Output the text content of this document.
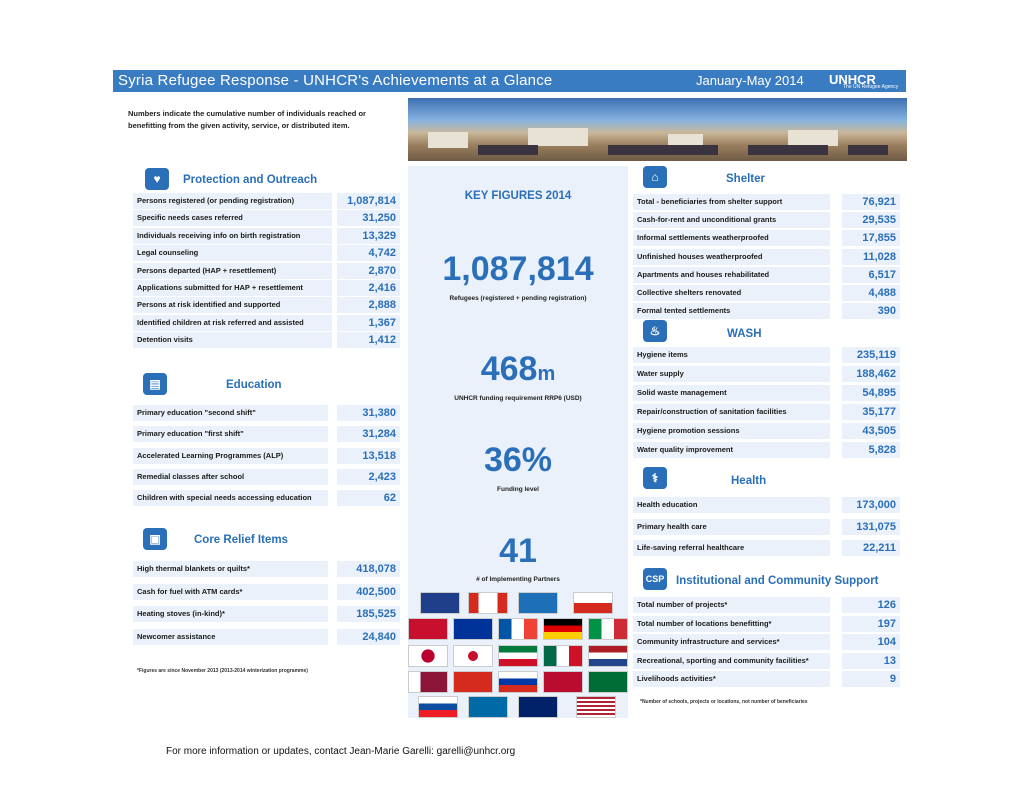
Syria Refugee Response - UNHCR's Achievements at a Glance	January-May 2014 UNHCR
The UN Refugee Agency
Numbers indicate the cumulative number of individuals reached or benefitting from the given activity, service, or distributed item.
KEY FIGURES 2014
1,087,814
Refugees (registered + pending registration)
468m
UNHCR funding requirement RRP6 (USD)
36%
Funding level
41
# of Implementing Partners
♥	Protection and Outreach
▤	Education
▣	Core Relief Items
⌂	Shelter
♨	WASH
⚕	Health
CSP Institutional and Community Support
Persons registered (or pending registration)	1,087,814
Specific needs cases referred	31,250
Individuals receiving info on birth registration	13,329
Legal counseling	4,742
Persons departed (HAP + resettlement)	2,870
Applications submitted for HAP + resettlement	2,416
Persons at risk identified and supported	2,888
Identified children at risk referred and assisted	1,367
Detention visits	1,412
Primary education "second shift"	31,380
Primary education "first shift"	31,284
Accelerated Learning Programmes (ALP)	13,518
Remedial classes after school	2,423
Children with special needs accessing education	62
High thermal blankets or quilts*	418,078
Cash for fuel with ATM cards*	402,500
Heating stoves (in-kind)*	185,525
Newcomer assistance	24,840
Total - beneficiaries from shelter support	76,921
Cash-for-rent and unconditional grants	29,535
Informal settlements weatherproofed	17,855
Unfinished houses weatherproofed	11,028
Apartments and houses rehabilitated	6,517
Collective shelters renovated	4,488
Formal tented settlements	390
Hygiene items	235,119
Water supply	188,462
Solid waste management	54,895
Repair/construction of sanitation facilities	35,177
Hygiene promotion sessions	43,505
Water quality improvement	5,828
Health education	173,000
Primary health care	131,075
Life-saving referral healthcare	22,211
Total number of projects*	126
Total number of locations benefitting*	197
Community infrastructure and services*	104
Recreational, sporting and community facilities*	13
Livelihoods activities*	9
*Figures are since November 2013 (2013-2014 winterization programme)
*Number of schools, projects or locations, not number of beneficiaries
For more information or updates, contact Jean-Marie Garelli: garelli@unhcr.org
